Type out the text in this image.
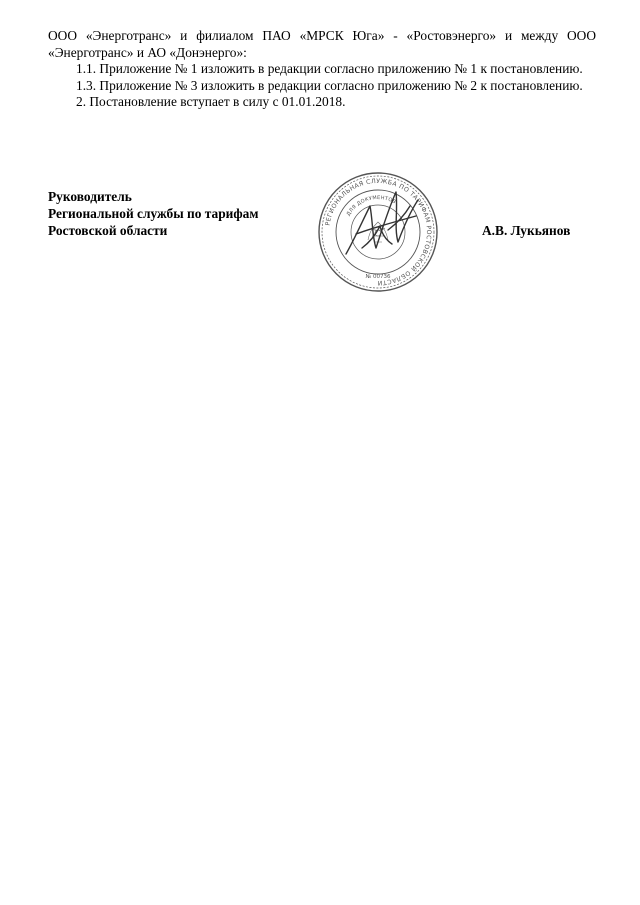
ООО «Энерготранс» и филиалом ПАО «МРСК Юга» - «Ростовэнерго» и между ООО «Энерготранс» и АО «Донэнерго»:

1.1. Приложение № 1 изложить в редакции согласно приложению № 1 к постановлению.

1.3. Приложение № 3 изложить в редакции согласно приложению № 2 к постановлению.

2. Постановление вступает в силу с 01.01.2018.

Руководитель
Региональной службы по тарифам
Ростовской области	РЕГИОНАЛЬНАЯ СЛУЖБА ПО ТАРИФАМ РОСТОВСКОЙ ОБЛАСТИ
ДЛЯ ДОКУМЕНТОВ
№ 00736
А.В. Лукьянов
